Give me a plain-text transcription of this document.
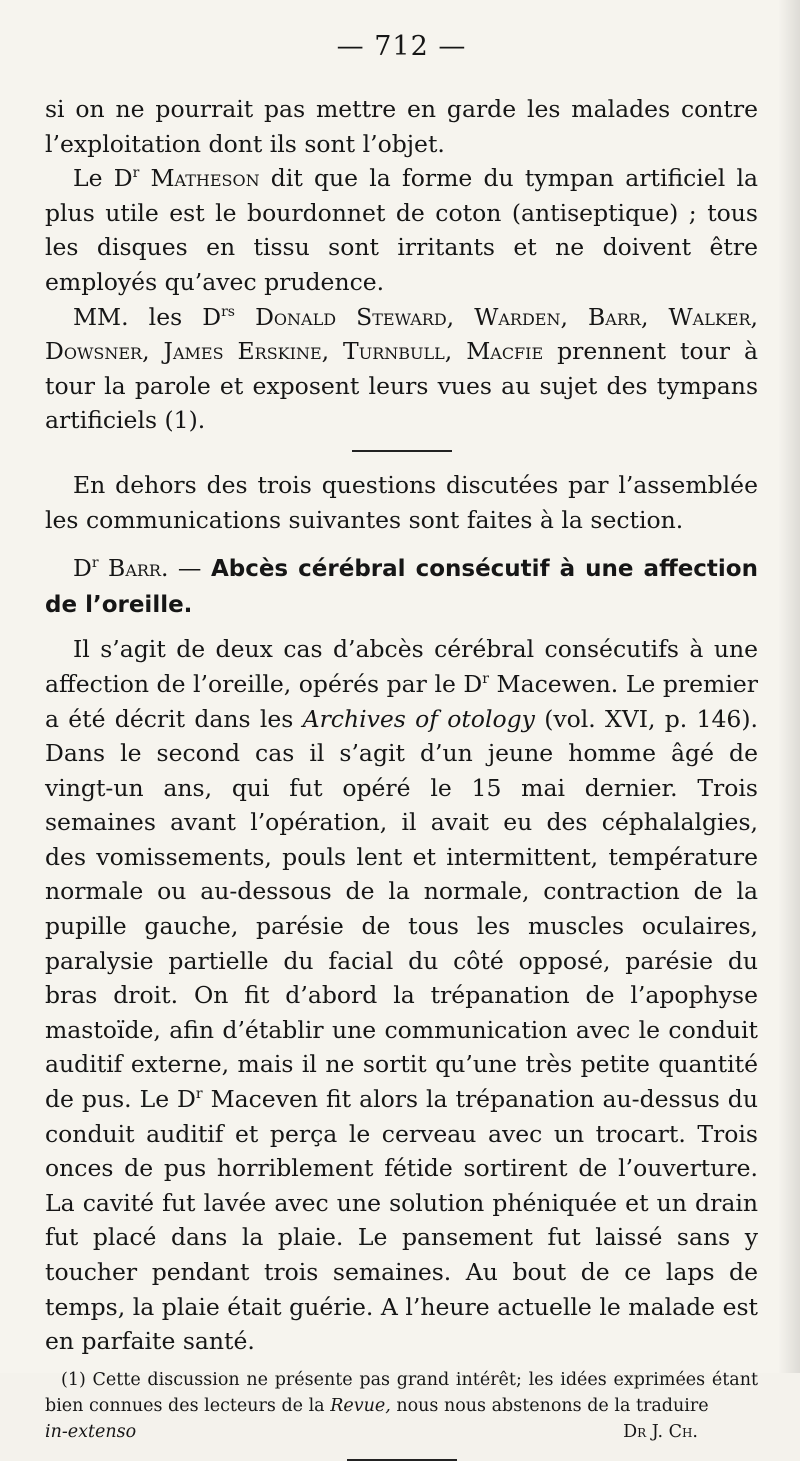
— 712 —

si on ne pourrait pas mettre en garde les malades contre l’exploitation dont ils sont l’objet.

Le $D^r$ Matheson dit que la forme du tympan artificiel la plus utile est le bourdonnet de coton (antiseptique) ; tous les disques en tissu sont irritants et ne doivent être employés qu’avec prudence.

MM. les $D^{rs}$ Donald Steward, Warden, Barr, Walker, Dowsner, James Erskine, Turnbull, Macfie prennent tour à tour la parole et exposent leurs vues au sujet des tympans artificiels (1).

En dehors des trois questions discutées par l’assemblée les communications suivantes sont faites à la section.

$D^r$ Barr. — Abcès cérébral consécutif à une affection de l’oreille.

Il s’agit de deux cas d’abcès cérébral consécutifs à une affection de l’oreille, opérés par le $D^r$ Macewen. Le premier a été décrit dans les Archives of otology (vol. XVI, p. 146). Dans le second cas il s’agit d’un jeune homme âgé de vingt-un ans, qui fut opéré le 15 mai dernier. Trois semaines avant l’opération, il avait eu des céphalalgies, des vomissements, pouls lent et intermittent, température normale ou au-dessous de la normale, contraction de la pupille gauche, parésie de tous les muscles oculaires, paralysie partielle du facial du côté opposé, parésie du bras droit. On fit d’abord la trépanation de l’apophyse mastoïde, afin d’établir une communication avec le conduit auditif externe, mais il ne sortit qu’une très petite quantité de pus. Le $D^r$ Maceven fit alors la trépanation au-dessus du conduit auditif et perça le cerveau avec un trocart. Trois onces de pus horriblement fétide sortirent de l’ouverture. La cavité fut lavée avec une solution phéniquée et un drain fut placé dans la plaie. Le pansement fut laissé sans y toucher pendant trois semaines. Au bout de ce laps de temps, la plaie était guérie. A l’heure actuelle le malade est en parfaite santé.

(1) Cette discussion ne présente pas grand intérêt; les idées exprimées étant bien connues des lecteurs de la Revue, nous nous abstenons de la traduire

in-extenso	Dr J. Ch.
